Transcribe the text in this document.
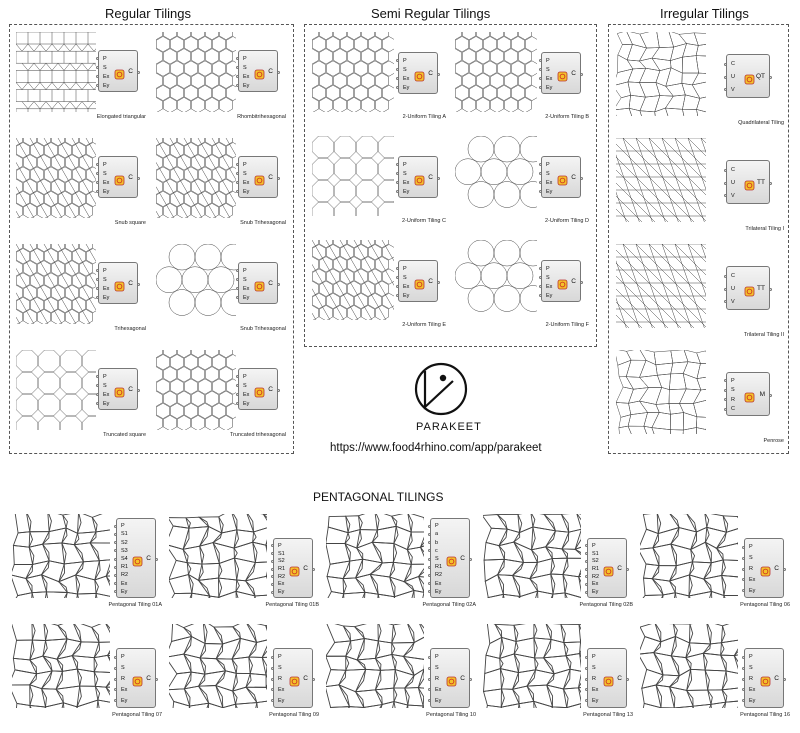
Regular Tilings	Semi Regular Tilings	Irregular Tilings
PENTAGONAL TILINGS
P
S
Ex
Ey
C
Elongated triangular
P
S
Ex
Ey
C
Rhombitrihexagonal
P
S
Ex
Ey
C
Snub square
P
S
Ex
Ey
C
Snub Trihexagonal
P
S
Ex
Ey
C
Trihexagonal
P
S
Ex
Ey
C
Snub Trihexagonal
P
S
Ex
Ey
C
Truncated square
P
S
Ex
Ey
C
Truncated trihexagonal
P
S
Ex
Ey
C
2-Uniform Tiling A
P
S
Ex
Ey
C
2-Uniform Tiling B
P
S
Ex
Ey
C
2-Uniform Tiling C
P
S
Ex
Ey
C
2-Uniform Tiling D
P
S
Ex
Ey
C
2-Uniform Tiling E
P
S
Ex
Ey
C
2-Uniform Tiling F
C
U
V
QT
Quadrilateral Tiling
C
U
V
TT
Trilateral Tiling I
C
U
V
TT
Trilateral Tiling II
P
S
R
C
M
Penrose
P
S1
S2
S3
S4
R1
R2
Ex
Ey
C
Pentagonal Tiling 01A
P
S1
S2
R1
R2
Ex
Ey
C
Pentagonal Tiling 01B
P
a
b
c
S
R1
R2
Ex
Ey
C
Pentagonal Tiling 02A
P
S1
S2
R1
R2
Ex
Ey
C
Pentagonal Tiling 02B
P
S
R
Ex
Ey
C
Pentagonal Tiling 06
P
S
R
Ex
Ey
C
Pentagonal Tiling 07
P
S
R
Ex
Ey
C
Pentagonal Tiling 09
P
S
R
Ex
Ey
C
Pentagonal Tiling 10
P
S
R
Ex
Ey
C
Pentagonal Tiling 13
P
S
R
Ex
Ey
C
Pentagonal Tiling 16
PARAKEET
https://www.food4rhino.com/app/parakeet
